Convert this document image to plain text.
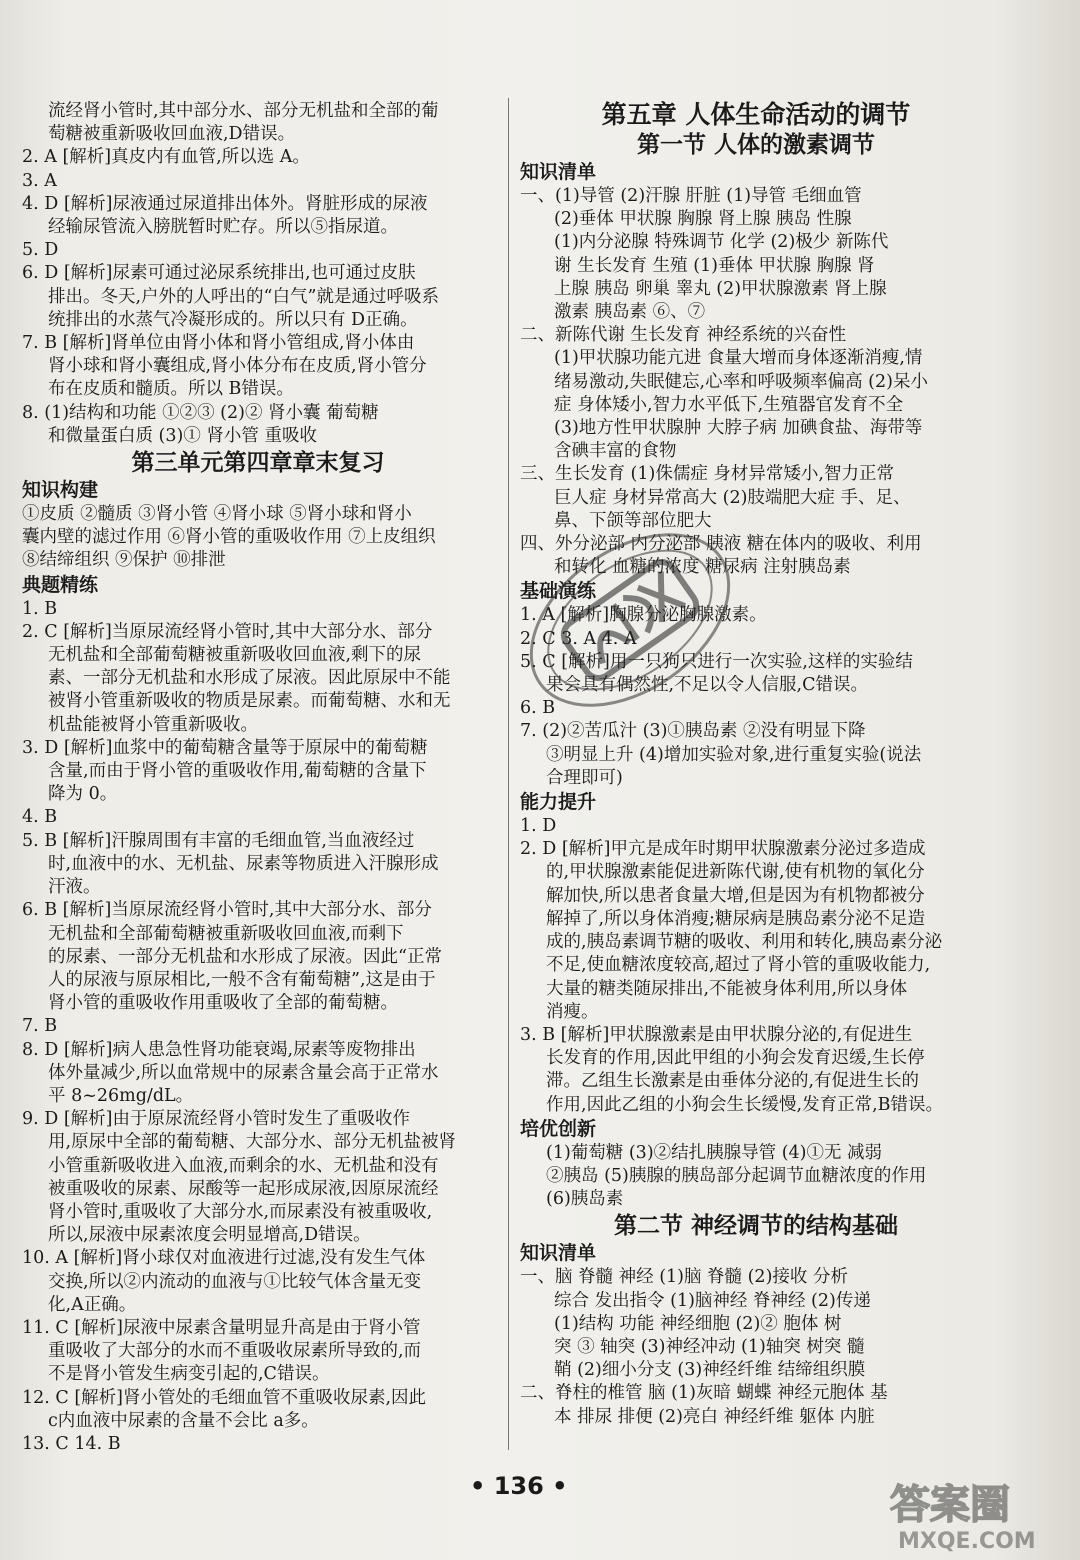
流经肾小管时,其中部分水、部分无机盐和全部的葡
萄糖被重新吸收回血液,D错误。
2. A [解析]真皮内有血管,所以选 A。
3. A
4. D [解析]尿液通过尿道排出体外。肾脏形成的尿液
经输尿管流入膀胱暂时贮存。所以⑤指尿道。
5. D
6. D [解析]尿素可通过泌尿系统排出,也可通过皮肤
排出。冬天,户外的人呼出的“白气”就是通过呼吸系
统排出的水蒸气冷凝形成的。所以只有 D正确。
7. B [解析]肾单位由肾小体和肾小管组成,肾小体由
肾小球和肾小囊组成,肾小体分布在皮质,肾小管分
布在皮质和髓质。所以 B错误。
8. (1)结构和功能 ①②③ (2)② 肾小囊 葡萄糖
和微量蛋白质 (3)① 肾小管 重吸收
第三单元第四章章末复习
知识构建
①皮质 ②髓质 ③肾小管 ④肾小球 ⑤肾小球和肾小
囊内壁的滤过作用 ⑥肾小管的重吸收作用 ⑦上皮组织
⑧结缔组织 ⑨保护 ⑩排泄
典题精练
1. B
2. C [解析]当原尿流经肾小管时,其中大部分水、部分
无机盐和全部葡萄糖被重新吸收回血液,剩下的尿
素、一部分无机盐和水形成了尿液。因此原尿中不能
被肾小管重新吸收的物质是尿素。而葡萄糖、水和无
机盐能被肾小管重新吸收。
3. D [解析]血浆中的葡萄糖含量等于原尿中的葡萄糖
含量,而由于肾小管的重吸收作用,葡萄糖的含量下
降为 0。
4. B
5. B [解析]汗腺周围有丰富的毛细血管,当血液经过
时,血液中的水、无机盐、尿素等物质进入汗腺形成
汗液。
6. B [解析]当原尿流经肾小管时,其中大部分水、部分
无机盐和全部葡萄糖被重新吸收回血液,而剩下
的尿素、一部分无机盐和水形成了尿液。因此“正常
人的尿液与原尿相比,一般不含有葡萄糖”,这是由于
肾小管的重吸收作用重吸收了全部的葡萄糖。
7. B
8. D [解析]病人患急性肾功能衰竭,尿素等废物排出
体外量减少,所以血常规中的尿素含量会高于正常水
平 8~26mg/dL。
9. D [解析]由于原尿流经肾小管时发生了重吸收作
用,原尿中全部的葡萄糖、大部分水、部分无机盐被肾
小管重新吸收进入血液,而剩余的水、无机盐和没有
被重吸收的尿素、尿酸等一起形成尿液,因原尿流经
肾小管时,重吸收了大部分水,而尿素没有被重吸收,
所以,尿液中尿素浓度会明显增高,D错误。
10. A [解析]肾小球仅对血液进行过滤,没有发生气体
交换,所以②内流动的血液与①比较气体含量无变
化,A正确。
11. C [解析]尿液中尿素含量明显升高是由于肾小管
重吸收了大部分的水而不重吸收尿素所导致的,而
不是肾小管发生病变引起的,C错误。
12. C [解析]肾小管处的毛细血管不重吸收尿素,因此
c内血液中尿素的含量不会比 a多。
13. C 14. B
第五章 人体生命活动的调节
第一节 人体的激素调节
知识清单
一、(1)导管 (2)汗腺 肝脏 (1)导管 毛细血管
(2)垂体 甲状腺 胸腺 肾上腺 胰岛 性腺
(1)内分泌腺 特殊调节 化学 (2)极少 新陈代
谢 生长发育 生殖 (1)垂体 甲状腺 胸腺 肾
上腺 胰岛 卵巢 睾丸 (2)甲状腺激素 肾上腺
激素 胰岛素 ⑥、⑦
二、新陈代谢 生长发育 神经系统的兴奋性
(1)甲状腺功能亢进 食量大增而身体逐渐消瘦,情
绪易激动,失眠健忘,心率和呼吸频率偏高 (2)呆小
症 身体矮小,智力水平低下,生殖器官发育不全
(3)地方性甲状腺肿 大脖子病 加碘食盐、海带等
含碘丰富的食物
三、生长发育 (1)侏儒症 身材异常矮小,智力正常
巨人症 身材异常高大 (2)肢端肥大症 手、足、
鼻、下颌等部位肥大
四、外分泌部 内分泌部 胰液 糖在体内的吸收、利用
和转化 血糖的浓度 糖尿病 注射胰岛素
基础演练
1. A [解析]胸腺分泌胸腺激素。
2. C 3. A 4. A
5. C [解析]用一只狗只进行一次实验,这样的实验结
果会具有偶然性,不足以令人信服,C错误。
6. B
7. (2)②苦瓜汁 (3)①胰岛素 ②没有明显下降
③明显上升 (4)增加实验对象,进行重复实验(说法
合理即可)
能力提升
1. D
2. D [解析]甲亢是成年时期甲状腺激素分泌过多造成
的,甲状腺激素能促进新陈代谢,使有机物的氧化分
解加快,所以患者食量大增,但是因为有机物都被分
解掉了,所以身体消瘦;糖尿病是胰岛素分泌不足造
成的,胰岛素调节糖的吸收、利用和转化,胰岛素分泌
不足,使血糖浓度较高,超过了肾小管的重吸收能力,
大量的糖类随尿排出,不能被身体利用,所以身体
消瘦。
3. B [解析]甲状腺激素是由甲状腺分泌的,有促进生
长发育的作用,因此甲组的小狗会发育迟缓,生长停
滞。乙组生长激素是由垂体分泌的,有促进生长的
作用,因此乙组的小狗会生长缓慢,发育正常,B错误。
培优创新
(1)葡萄糖 (3)②结扎胰腺导管 (4)①无 减弱
②胰岛 (5)胰腺的胰岛部分起调节血糖浓度的作用
(6)胰岛素
第二节 神经调节的结构基础
知识清单
一、脑 脊髓 神经 (1)脑 脊髓 (2)接收 分析
综合 发出指令 (1)脑神经 脊神经 (2)传递
(1)结构 功能 神经细胞 (2)② 胞体 树
突 ③ 轴突 (3)神经冲动 (1)轴突 树突 髓
鞘 (2)细小分支 (3)神经纤维 结缔组织膜
二、脊柱的椎管 脑 (1)灰暗 蝴蝶 神经元胞体 基
本 排尿 排便 (2)亮白 神经纤维 躯体 内脏
• 136 •	答案圈
MXQE.COM
